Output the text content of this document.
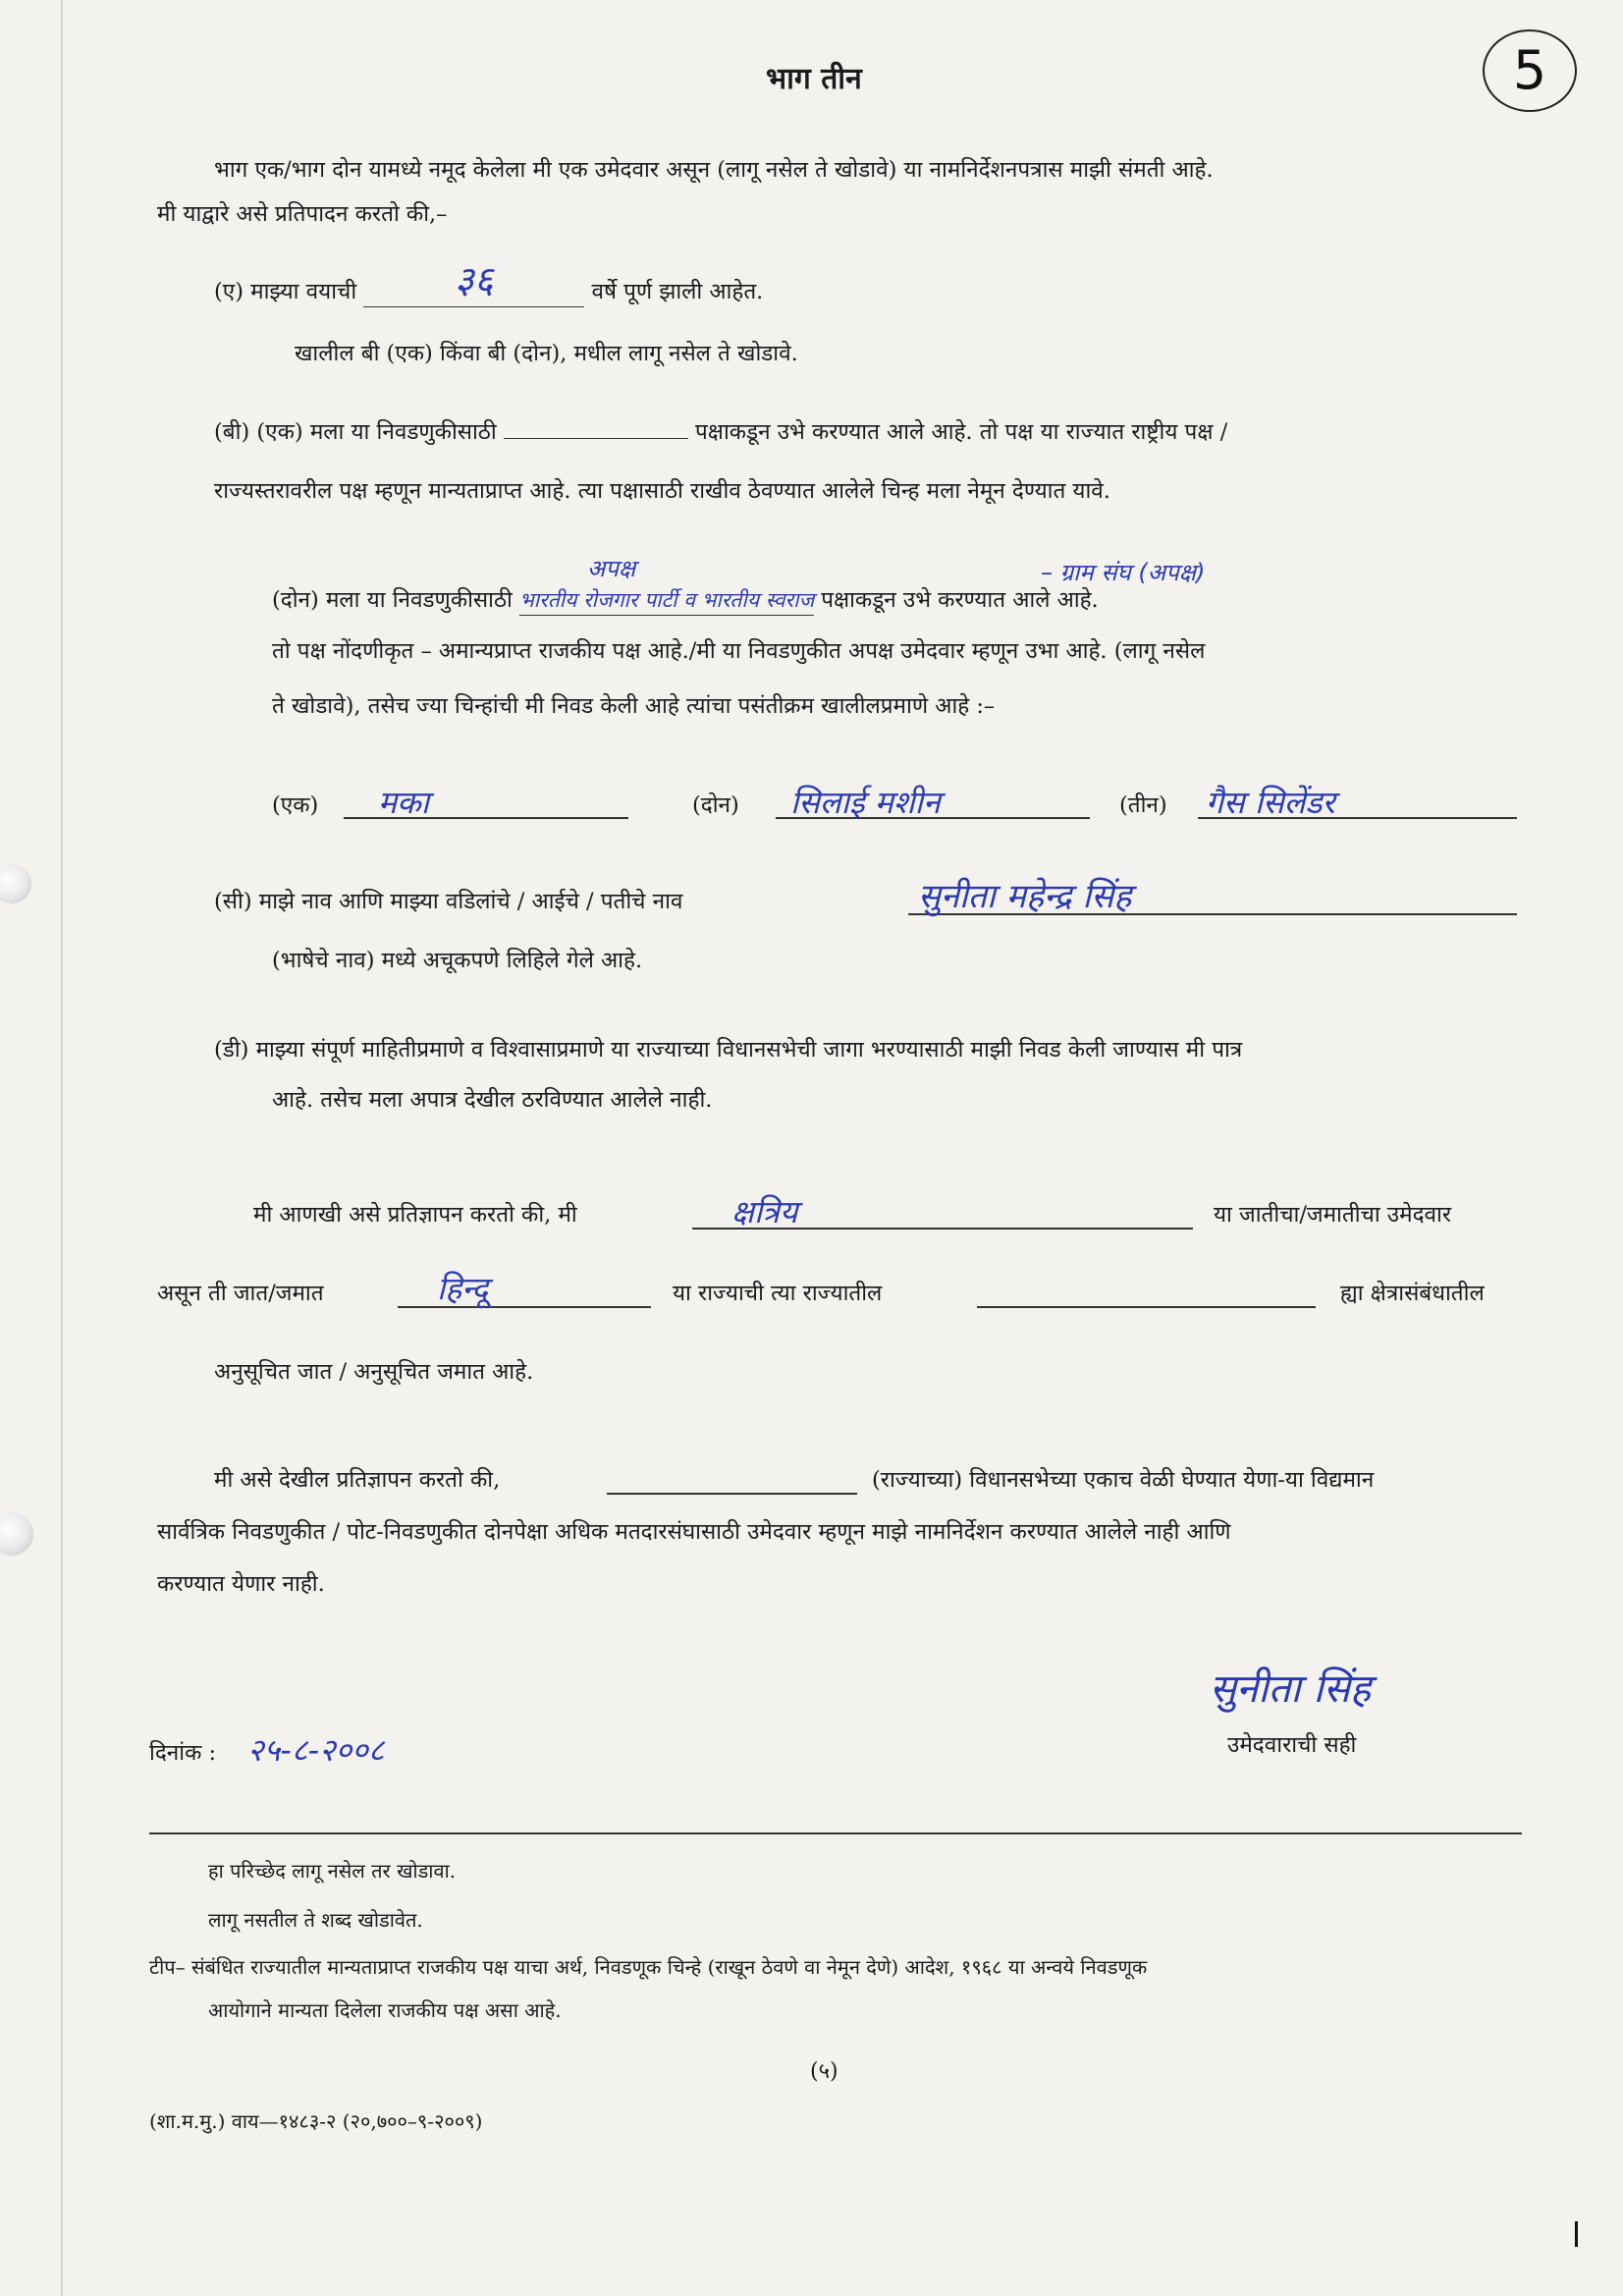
5
भाग तीन
भाग एक/भाग दोन यामध्ये नमूद केलेला मी एक उमेदवार असून (लागू नसेल ते खोडावे) या नामनिर्देशनपत्रास माझी संमती आहे.
मी याद्वारे असे प्रतिपादन करतो की,–
(ए) माझ्या वयाची	३६	वर्षे पूर्ण झाली आहेत.
खालील बी (एक) किंवा बी (दोन), मधील लागू नसेल ते खोडावे.
(बी) (एक) मला या निवडणुकीसाठी	पक्षाकडून उभे करण्यात आले आहे. तो पक्ष या राज्यात राष्ट्रीय पक्ष /
राज्यस्तरावरील पक्ष म्हणून मान्यताप्राप्त आहे. त्या पक्षासाठी राखीव ठेवण्यात आलेले चिन्ह मला नेमून देण्यात यावे.
अपक्ष	– ग्राम संघ (अपक्ष)
(दोन) मला या निवडणुकीसाठी भारतीय रोजगार पार्टी व भारतीय स्वराज पक्षाकडून उभे करण्यात आले आहे.
तो पक्ष नोंदणीकृत – अमान्यप्राप्त राजकीय पक्ष आहे./मी या निवडणुकीत अपक्ष उमेदवार म्हणून उभा आहे. (लागू नसेल
ते खोडावे), तसेच ज्या चिन्हांची मी निवड केली आहे त्यांचा पसंतीक्रम खालीलप्रमाणे आहे :–
(एक) मका	(दोन) सिलाई मशीन	(तीन) गैस सिलेंडर
(सी) माझे नाव आणि माझ्या वडिलांचे / आईचे / पतीचे नाव	सुनीता महेन्द्र सिंह
(भाषेचे नाव) मध्ये अचूकपणे लिहिले गेले आहे.
(डी) माझ्या संपूर्ण माहितीप्रमाणे व विश्वासाप्रमाणे या राज्याच्या विधानसभेची जागा भरण्यासाठी माझी निवड केली जाण्यास मी पात्र
आहे. तसेच मला अपात्र देखील ठरविण्यात आलेले नाही.
मी आणखी असे प्रतिज्ञापन करतो की, मी	क्षत्रिय	या जातीचा/जमातीचा उमेदवार
असून ती जात/जमात	हिन्दू	या राज्याची त्या राज्यातील	ह्या क्षेत्रासंबंधातील
अनुसूचित जात / अनुसूचित जमात आहे.
मी असे देखील प्रतिज्ञापन करतो की,	(राज्याच्या) विधानसभेच्या एकाच वेळी घेण्यात येणा-या विद्यमान
सार्वत्रिक निवडणुकीत / पोट-निवडणुकीत दोनपेक्षा अधिक मतदारसंघासाठी उमेदवार म्हणून माझे नामनिर्देशन करण्यात आलेले नाही आणि
करण्यात येणार नाही.
सुनीता सिंह
उमेदवाराची सही
दिनांक : २५-८-२००८
हा परिच्छेद लागू नसेल तर खोडावा.
लागू नसतील ते शब्द खोडावेत.
टीप– संबंधित राज्यातील मान्यताप्राप्त राजकीय पक्ष याचा अर्थ, निवडणूक चिन्हे (राखून ठेवणे वा नेमून देणे) आदेश, १९६८ या अन्वये निवडणूक
आयोगाने मान्यता दिलेला राजकीय पक्ष असा आहे.
(५)
(शा.म.मु.) वाय—१४८३-२ (२०,७००–९-२००९)
